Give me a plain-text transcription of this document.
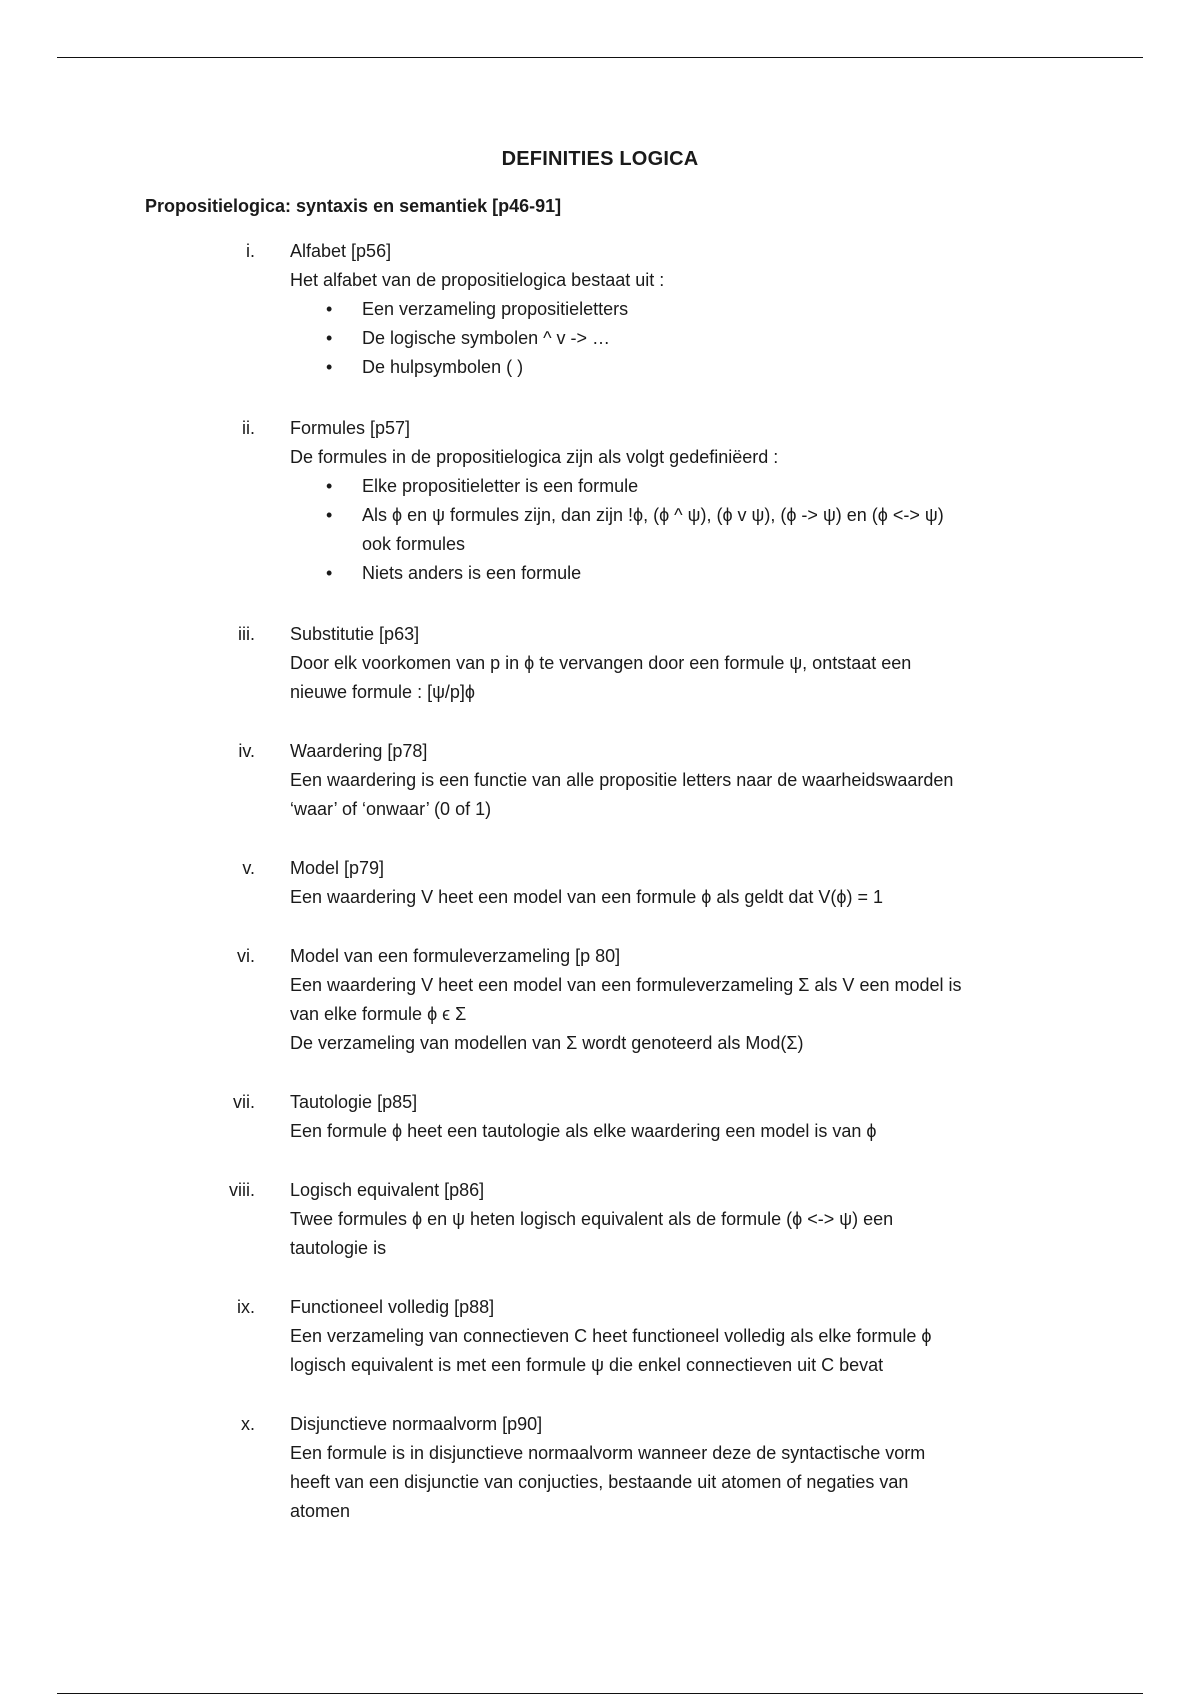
DEFINITIES LOGICA
Propositielogica: syntaxis en semantiek [p46-91]
i. Alfabet [p56]
Het alfabet van de propositielogica bestaat uit :
• Een verzameling propositieletters
• De logische symbolen ^ v -> …
• De hulpsymbolen ( )
ii. Formules [p57]
De formules in de propositielogica zijn als volgt gedefiniëerd :
• Elke propositieletter is een formule
• Als ϕ en ψ formules zijn, dan zijn !ϕ, (ϕ ^ ψ), (ϕ v ψ), (ϕ -> ψ) en (ϕ <-> ψ)
ook formules
• Niets anders is een formule
iii. Substitutie [p63]
Door elk voorkomen van p in ϕ te vervangen door een formule ψ, ontstaat een
nieuwe formule : [ψ/p]ϕ
iv. Waardering [p78]
Een waardering is een functie van alle propositie letters naar de waarheidswaarden
‘waar’ of ‘onwaar’ (0 of 1)
v. Model [p79]
Een waardering V heet een model van een formule ϕ als geldt dat V(ϕ) = 1
vi. Model van een formuleverzameling [p 80]
Een waardering V heet een model van een formuleverzameling Σ als V een model is
van elke formule ϕ ϵ Σ
De verzameling van modellen van Σ wordt genoteerd als Mod(Σ)
vii. Tautologie [p85]
Een formule ϕ heet een tautologie als elke waardering een model is van ϕ
viii. Logisch equivalent [p86]
Twee formules ϕ en ψ heten logisch equivalent als de formule (ϕ <-> ψ) een
tautologie is
ix. Functioneel volledig [p88]
Een verzameling van connectieven C heet functioneel volledig als elke formule ϕ
logisch equivalent is met een formule ψ die enkel connectieven uit C bevat
x. Disjunctieve normaalvorm [p90]
Een formule is in disjunctieve normaalvorm wanneer deze de syntactische vorm
heeft van een disjunctie van conjucties, bestaande uit atomen of negaties van
atomen
